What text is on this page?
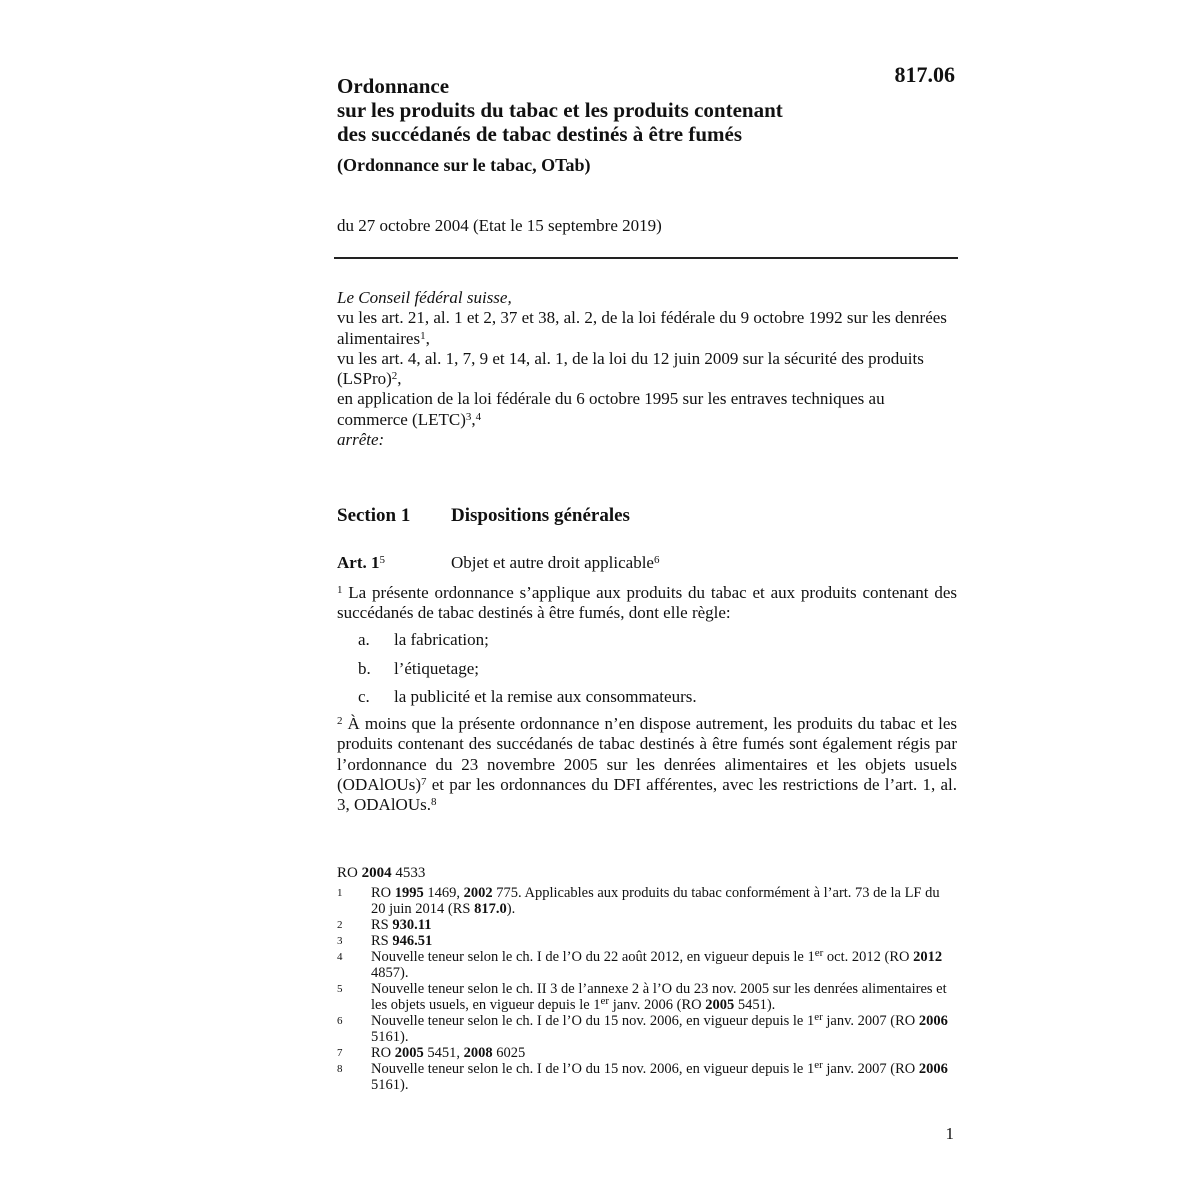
817.06
Ordonnance
sur les produits du tabac et les produits contenant
des succédanés de tabac destinés à être fumés
(Ordonnance sur le tabac, OTab)
du 27 octobre 2004 (Etat le 15 septembre 2019)

Le Conseil fédéral suisse,

vu les art. 21, al. 1 et 2, 37 et 38, al. 2, de la loi fédérale du 9 octobre 1992 sur les denrées alimentaires$^1$,

vu les art. 4, al. 1, 7, 9 et 14, al. 1, de la loi du 12 juin 2009 sur la sécurité des produits (LSPro)$^2$,

en application de la loi fédérale du 6 octobre 1995 sur les entraves techniques au commerce (LETC)$^3$,$^4$

arrête:

Section 1 Dispositions générales
Art. $1^5$	Objet et autre droit applicable$^6$
$^1$ La présente ordonnance s’applique aux produits du tabac et aux produits contenant des succédanés de tabac destinés à être fumés, dont elle règle:
a. la fabrication;
b. l’étiquetage;
c. la publicité et la remise aux consommateurs.
$^2$ À moins que la présente ordonnance n’en dispose autrement, les produits du tabac et les produits contenant des succédanés de tabac destinés à être fumés sont également régis par l’ordonnance du 23 novembre 2005 sur les denrées alimentaires et les objets usuels (ODAlOUs)$^7$ et par les ordonnances du DFI afférentes, avec les restrictions de l’art. 1, al. 3, ODAlOUs.$^8$
RO 2004 4533
1	RO 1995 1469, 2002 775. Applicables aux produits du tabac conformément à l’art. 73 de la LF du 20 juin 2014 (RS 817.0).
2	RS 930.11
3	RS 946.51
4	Nouvelle teneur selon le ch. I de l’O du 22 août 2012, en vigueur depuis le 1er oct. 2012 (RO 2012 4857).
5	Nouvelle teneur selon le ch. II 3 de l’annexe 2 à l’O du 23 nov. 2005 sur les denrées alimentaires et les objets usuels, en vigueur depuis le 1er janv. 2006 (RO 2005 5451).
6	Nouvelle teneur selon le ch. I de l’O du 15 nov. 2006, en vigueur depuis le 1er janv. 2007 (RO 2006 5161).
7	RO 2005 5451, 2008 6025
8	Nouvelle teneur selon le ch. I de l’O du 15 nov. 2006, en vigueur depuis le 1er janv. 2007 (RO 2006 5161).
1
